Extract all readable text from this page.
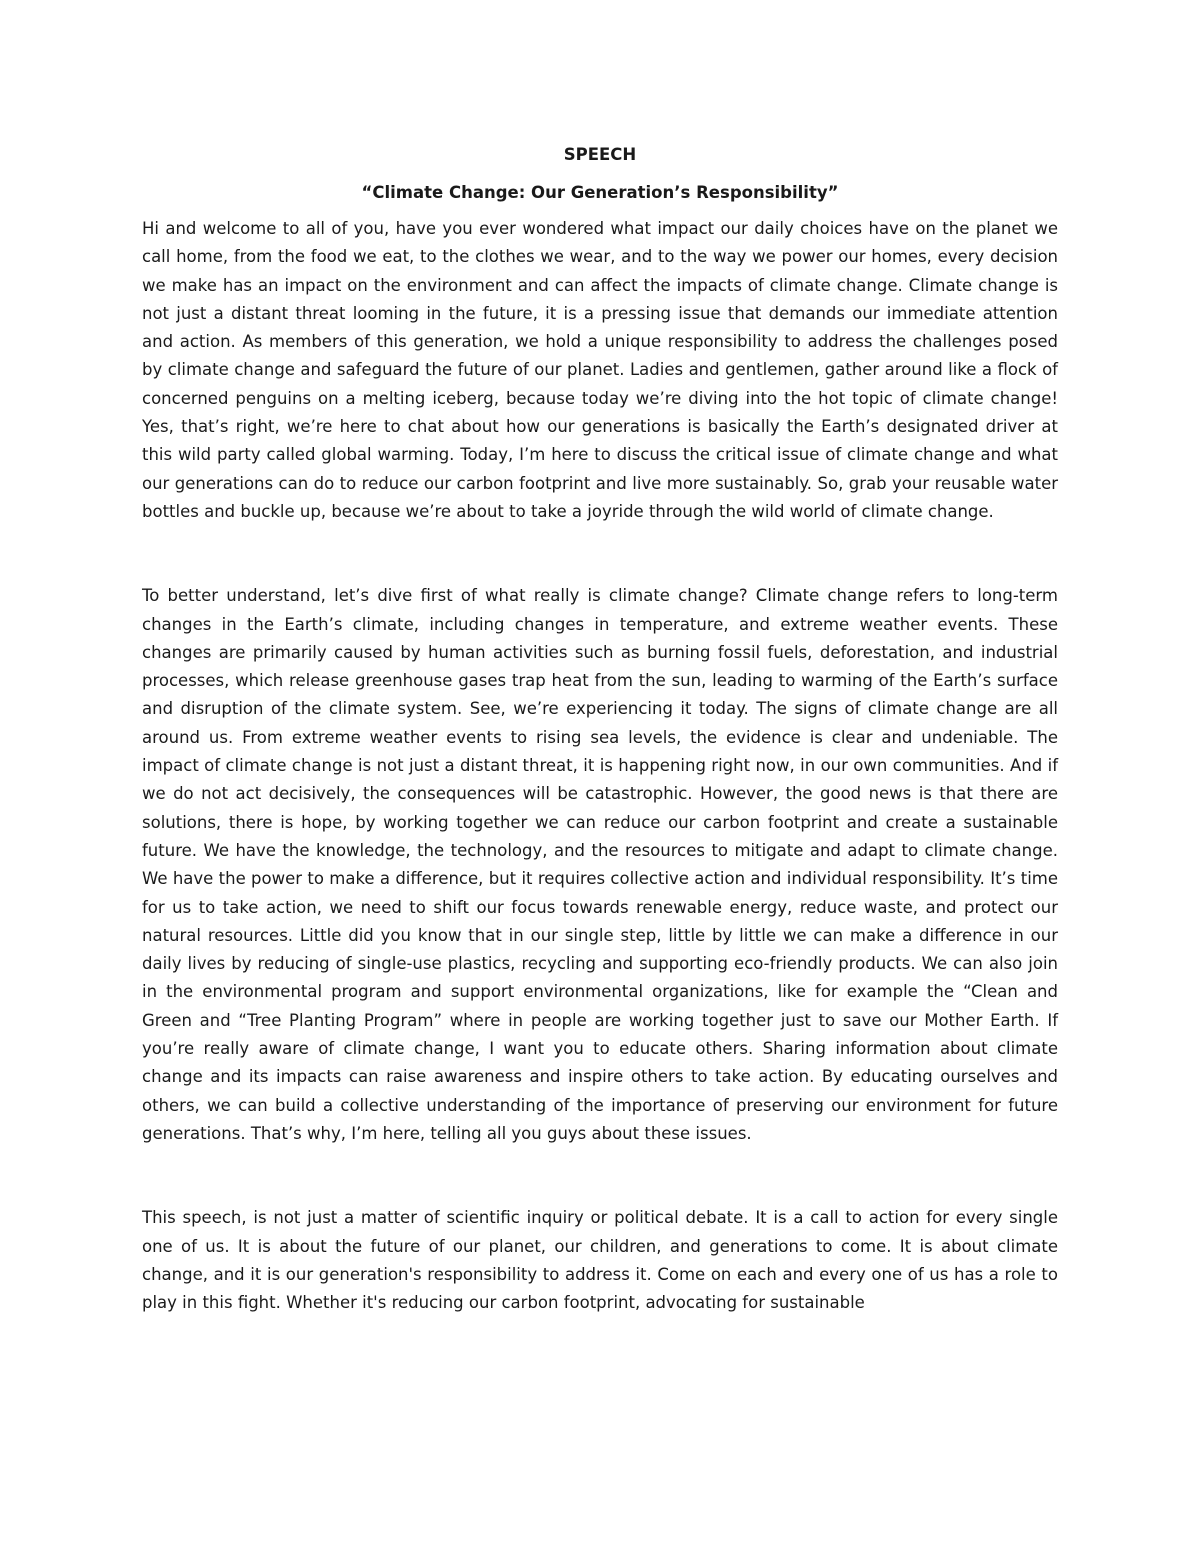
SPEECH
“Climate Change: Our Generation’s Responsibility”

Hi and welcome to all of you, have you ever wondered what impact our daily choices have on the planet we call home, from the food we eat, to the clothes we wear, and to the way we power our homes, every decision we make has an impact on the environment and can affect the impacts of climate change. Climate change is not just a distant threat looming in the future, it is a pressing issue that demands our immediate attention and action. As members of this generation, we hold a unique responsibility to address the challenges posed by climate change and safeguard the future of our planet. Ladies and gentlemen, gather around like a flock of concerned penguins on a melting iceberg, because today we’re diving into the hot topic of climate change! Yes, that’s right, we’re here to chat about how our generations is basically the Earth’s designated driver at this wild party called global warming. Today, I’m here to discuss the critical issue of climate change and what our generations can do to reduce our carbon footprint and live more sustainably. So, grab your reusable water bottles and buckle up, because we’re about to take a joyride through the wild world of climate change.

To better understand, let’s dive first of what really is climate change? Climate change refers to long-term changes in the Earth’s climate, including changes in temperature, and extreme weather events. These changes are primarily caused by human activities such as burning fossil fuels, deforestation, and industrial processes, which release greenhouse gases trap heat from the sun, leading to warming of the Earth’s surface and disruption of the climate system. See, we’re experiencing it today. The signs of climate change are all around us. From extreme weather events to rising sea levels, the evidence is clear and undeniable. The impact of climate change is not just a distant threat, it is happening right now, in our own communities. And if we do not act decisively, the consequences will be catastrophic. However, the good news is that there are solutions, there is hope, by working together we can reduce our carbon footprint and create a sustainable future. We have the knowledge, the technology, and the resources to mitigate and adapt to climate change. We have the power to make a difference, but it requires collective action and individual responsibility. It’s time for us to take action, we need to shift our focus towards renewable energy, reduce waste, and protect our natural resources. Little did you know that in our single step, little by little we can make a difference in our daily lives by reducing of single-use plastics, recycling and supporting eco-friendly products. We can also join in the environmental program and support environmental organizations, like for example the “Clean and Green and “Tree Planting Program” where in people are working together just to save our Mother Earth. If you’re really aware of climate change, I want you to educate others. Sharing information about climate change and its impacts can raise awareness and inspire others to take action. By educating ourselves and others, we can build a collective understanding of the importance of preserving our environment for future generations. That’s why, I’m here, telling all you guys about these issues.

This speech, is not just a matter of scientific inquiry or political debate. It is a call to action for every single one of us. It is about the future of our planet, our children, and generations to come. It is about climate change, and it is our generation's responsibility to address it. Come on each and every one of us has a role to play in this fight. Whether it's reducing our carbon footprint, advocating for sustainable
